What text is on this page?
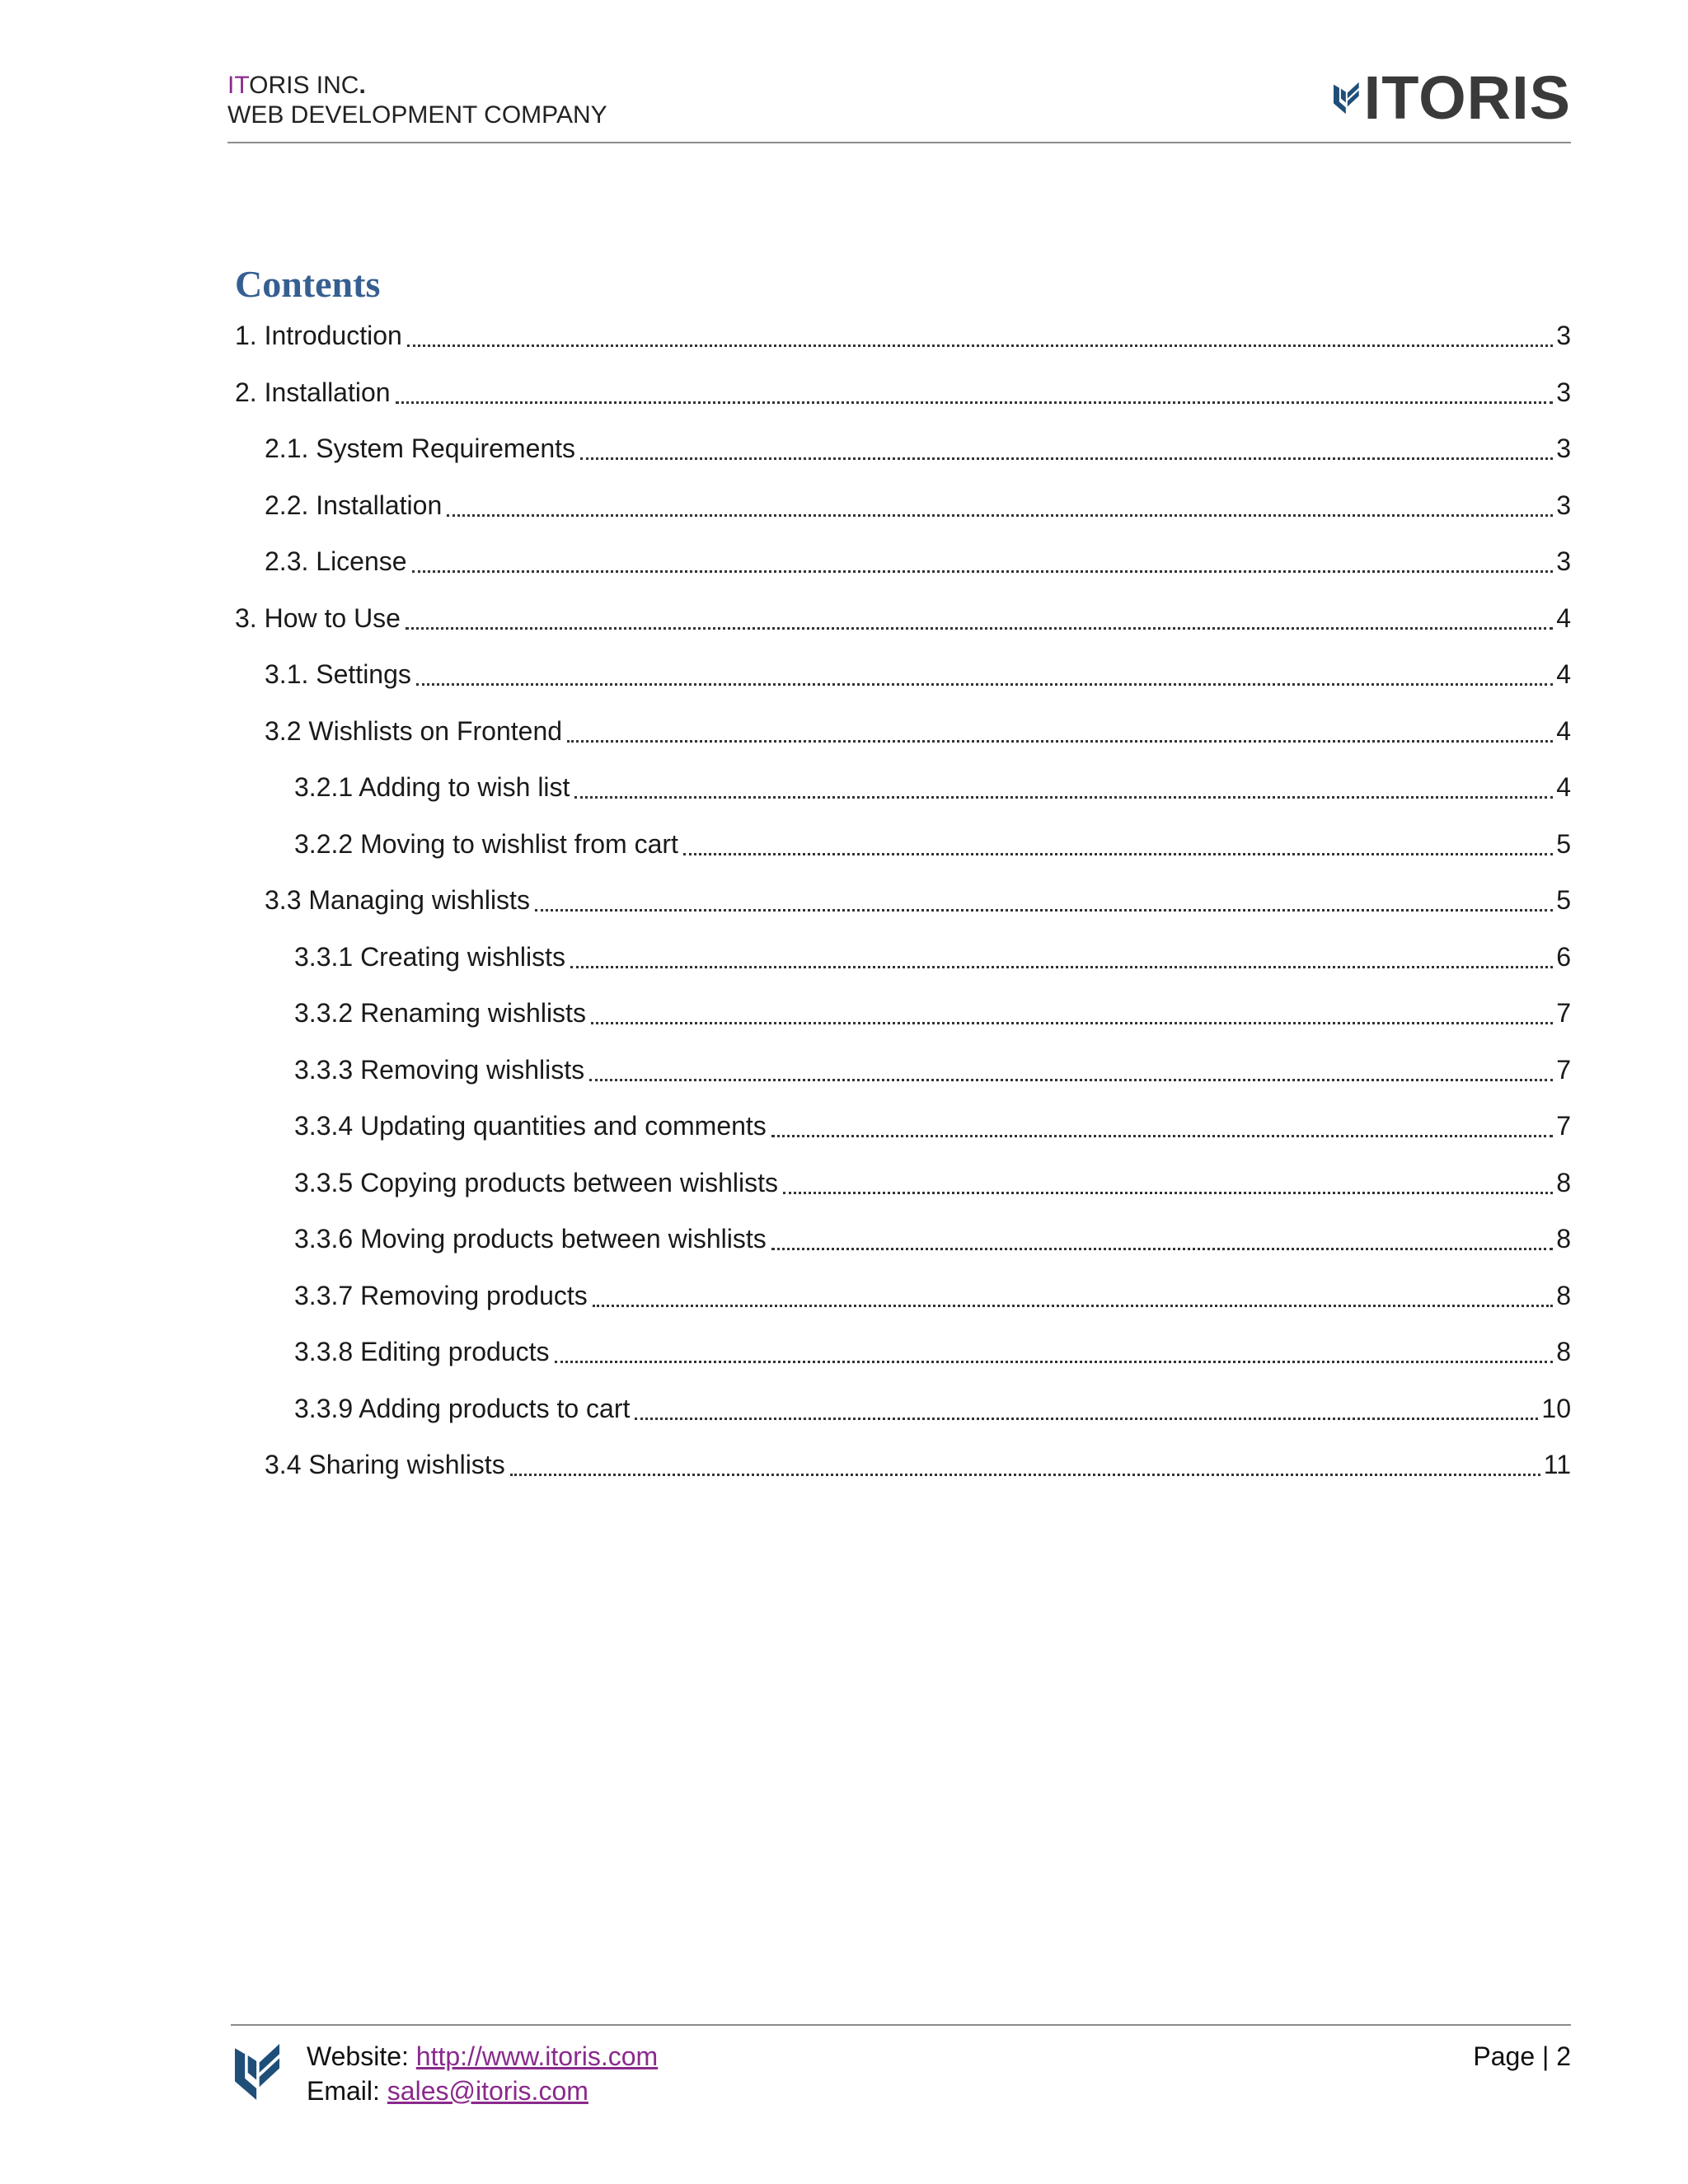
ITORIS INC.
WEB DEVELOPMENT COMPANY	ITORIS
Contents
1. Introduction	3
2. Installation	3
2.1. System Requirements	3
2.2. Installation	3
2.3. License	3
3. How to Use	4
3.1. Settings	4
3.2 Wishlists on Frontend	4
3.2.1 Adding to wish list	4
3.2.2 Moving to wishlist from cart	5
3.3 Managing wishlists	5
3.3.1 Creating wishlists	6
3.3.2 Renaming wishlists	7
3.3.3 Removing wishlists	7
3.3.4 Updating quantities and comments	7
3.3.5 Copying products between wishlists	8
3.3.6 Moving products between wishlists	8
3.3.7 Removing products	8
3.3.8 Editing products	8
3.3.9 Adding products to cart	10
3.4 Sharing wishlists	11
Website: http://www.itoris.com
Email: sales@itoris.com
Page | 2
